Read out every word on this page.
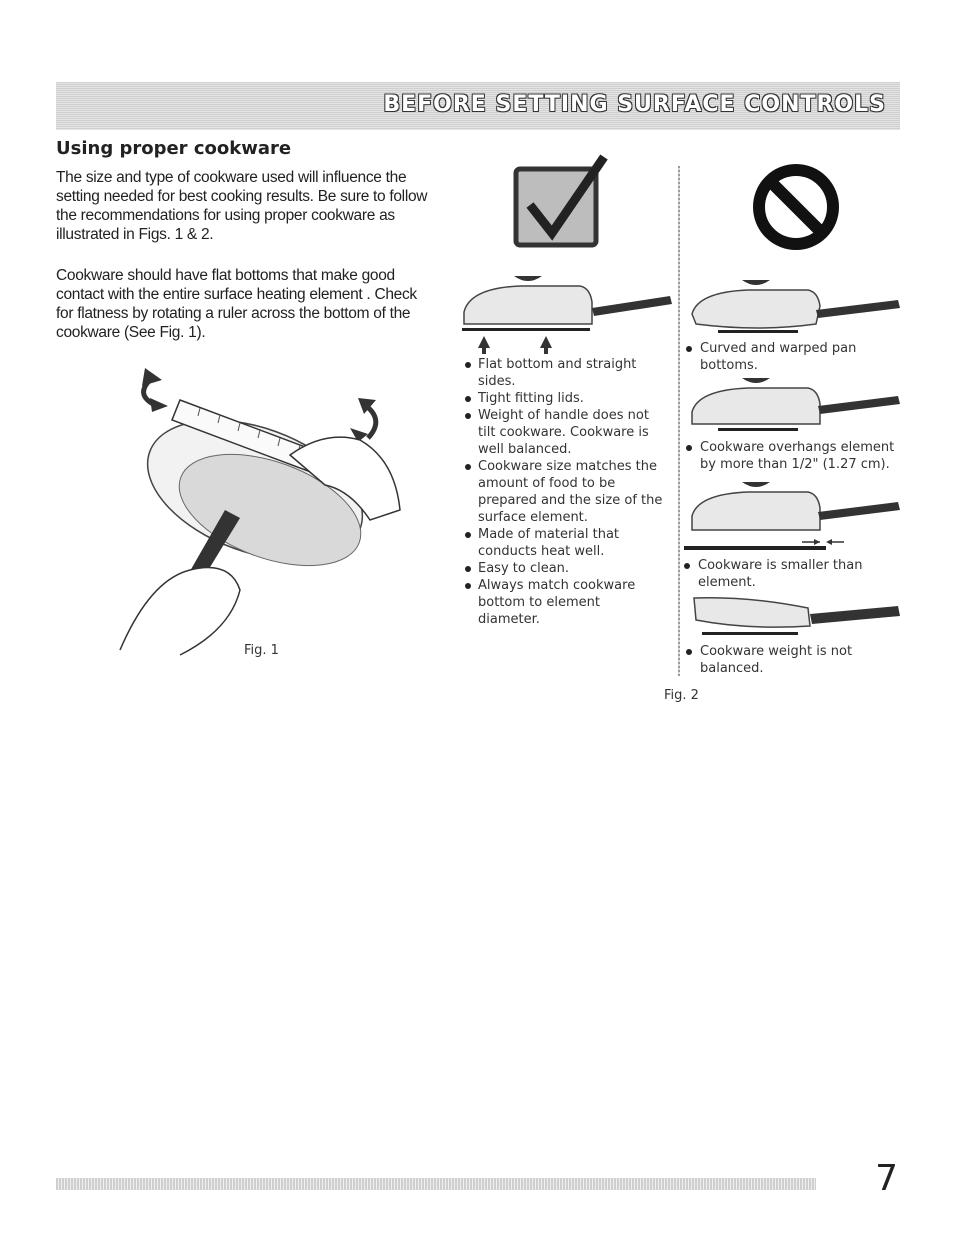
BEFORE SETTING SURFACE CONTROLS
Using proper cookware

The size and type of cookware used will influence the setting needed for best cooking results. Be sure to follow the recommendations for using proper cookware as illustrated in Figs. 1 & 2.

Cookware should have flat bottoms that make good contact with the entire surface heating element . Check for flatness by rotating a ruler across the bottom of the cookware (See Fig. 1).

Fig. 1
Flat bottom and straight sides.
Tight fitting lids.
Weight of handle does not tilt cookware. Cookware is well balanced.
Cookware size matches the amount of food to be prepared and the size of the surface element.
Made of material that conducts heat well.
Easy to clean.
Always match cookware bottom to element diameter.

Curved and warped pan bottoms.

Cookware overhangs element by more than 1/2" (1.27 cm).

Cookware is smaller than element.

Cookware weight is not balanced.

Fig. 2
7
